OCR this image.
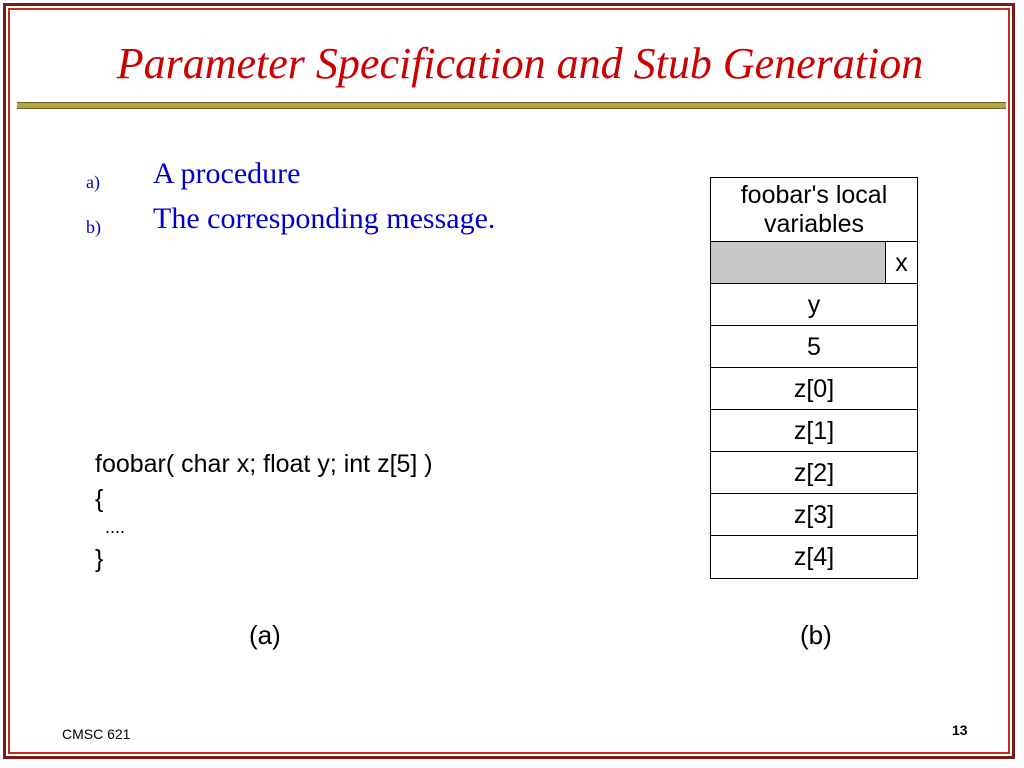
Parameter Specification and Stub Generation
a) A procedure
b) The corresponding message.
foobar( char x; float y; int z[5] )
{
....
}
foobar's local variables
x
y
5
z[0]
z[1]
z[2]
z[3]
z[4]
(a)	(b)
CMSC 621	13
